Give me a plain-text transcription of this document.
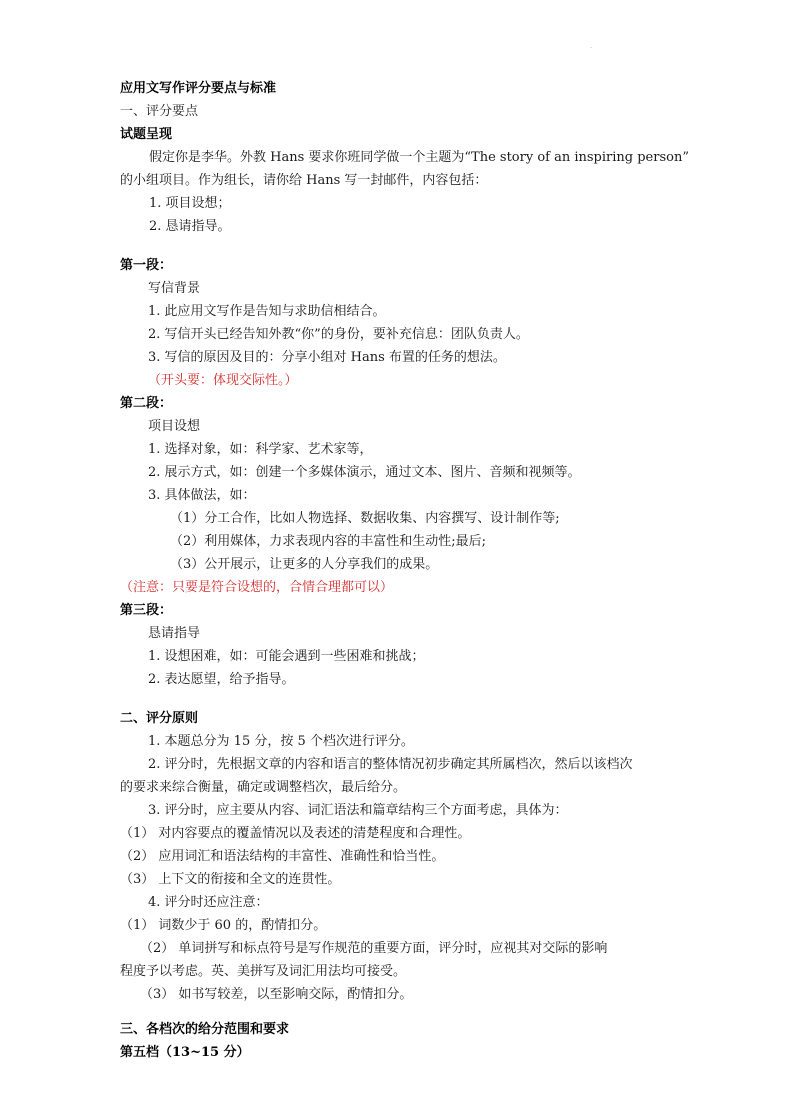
·
应用文写作评分要点与标准
一、评分要点
试题呈现
假定你是李华。外教 Hans 要求你班同学做一个主题为“The story of an inspiring person”
的小组项目。作为组长，请你给 Hans 写一封邮件，内容包括：
1. 项目设想；
2. 恳请指导。
第一段：
写信背景
1. 此应用文写作是告知与求助信相结合。
2. 写信开头已经告知外教“你”的身份，要补充信息：团队负责人。
3. 写信的原因及目的：分享小组对 Hans 布置的任务的想法。
（开头要：体现交际性。）
第二段：
项目设想
1. 选择对象，如：科学家、艺术家等，
2. 展示方式，如：创建一个多媒体演示，通过文本、图片、音频和视频等。
3. 具体做法，如：
（1）分工合作，比如人物选择、数据收集、内容撰写、设计制作等;
（2）利用媒体，力求表现内容的丰富性和生动性;最后;
（3）公开展示，让更多的人分享我们的成果。
（注意：只要是符合设想的，合情合理都可以）
第三段：
恳请指导
1. 设想困难，如：可能会遇到一些困难和挑战；
2. 表达愿望，给予指导。
二、评分原则
1. 本题总分为 15 分，按 5 个档次进行评分。
2. 评分时，先根据文章的内容和语言的整体情况初步确定其所属档次，然后以该档次
的要求来综合衡量，确定或调整档次，最后给分。
3. 评分时，应主要从内容、词汇语法和篇章结构三个方面考虑，具体为：
（1） 对内容要点的覆盖情况以及表述的清楚程度和合理性。
（2） 应用词汇和语法结构的丰富性、准确性和恰当性。
（3） 上下文的衔接和全文的连贯性。
4. 评分时还应注意：
（1） 词数少于 60 的，酌情扣分。
（2） 单词拼写和标点符号是写作规范的重要方面，评分时，应视其对交际的影响
程度予以考虑。英、美拼写及词汇用法均可接受。
（3） 如书写较差，以至影响交际，酌情扣分。
三、各档次的给分范围和要求
第五档（13~15 分）
